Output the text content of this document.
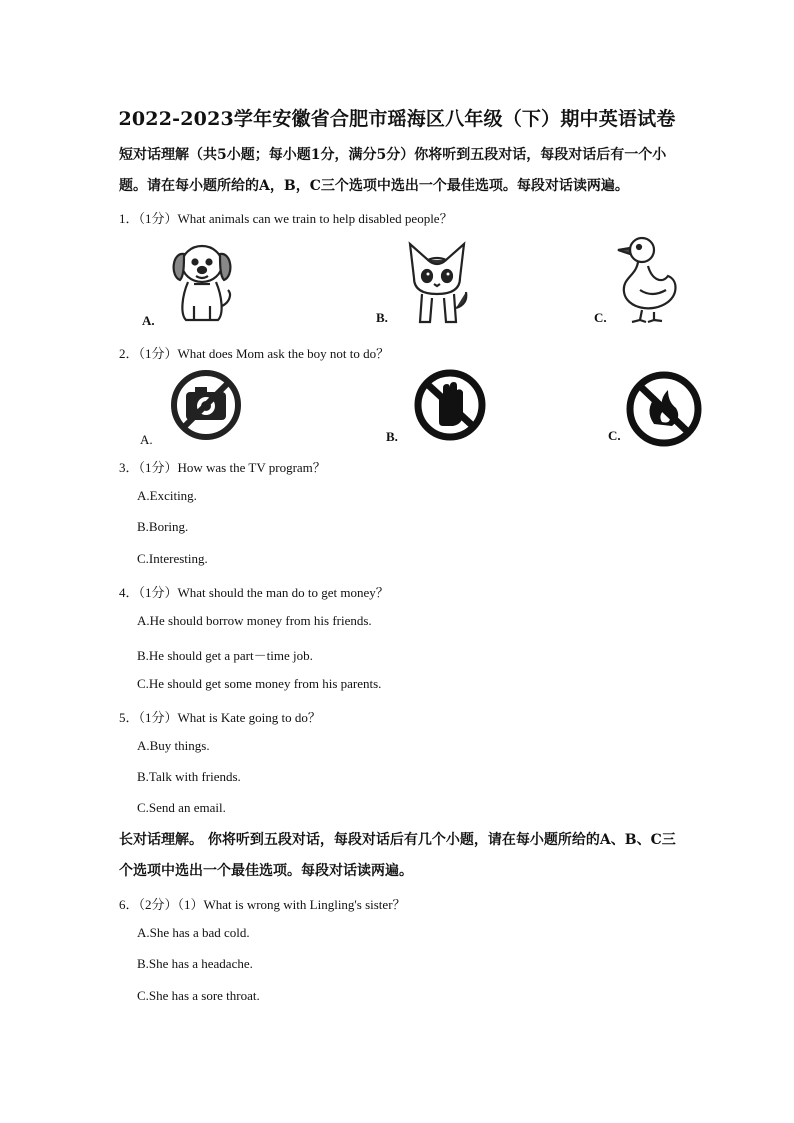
2022-2023学年安徽省合肥市瑶海区八年级（下）期中英语试卷
短对话理解（共5小题；每小题1分，满分5分）你将听到五段对话，每段对话后有一个小题。请在每小题所给的A，B，C三个选项中选出一个最佳选项。每段对话读两遍。
1．（1分）What animals can we train to help disabled people？
A.	B.	C.
2．（1分）What does Mom ask the boy not to do？
A.	B.	C.
3．（1分）How was the TV program？
A.Exciting.
B.Boring.
C.Interesting.
4．（1分）What should the man do to get money？
A.He should borrow money from his friends.
B.He should get a part－time job.
C.He should get some money from his parents.
5．（1分）What is Kate going to do？
A.Buy things.
B.Talk with friends.
C.Send an email.
长对话理解。 你将听到五段对话，每段对话后有几个小题，请在每小题所给的A、B、C三个选项中选出一个最佳选项。每段对话读两遍。
6．（2分）（1）What is wrong with Lingling's sister？
A.She has a bad cold.
B.She has a headache.
C.She has a sore throat.
